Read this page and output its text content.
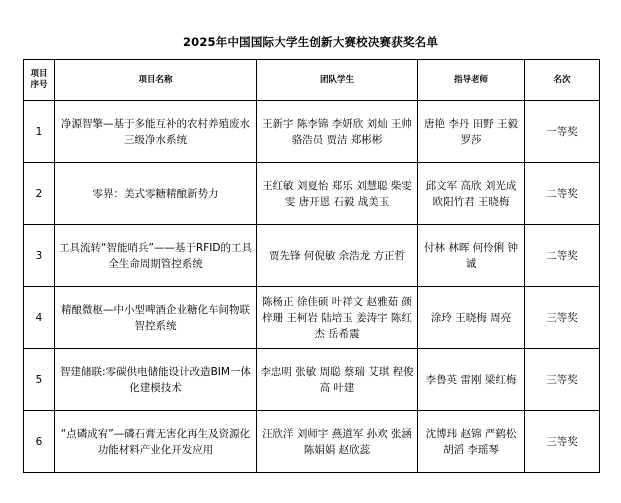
2025年中国国际大学生创新大赛校决赛获奖名单
项目序号	项目名称	团队学生	指导老师	名次
1	净源智擎—基于多能互补的农村养殖废水三级净水系统	王新宇 陈李锦 李妍欣 刘灿 王帅 骆浩员 贾洁 郑彬彬	唐艳 李丹 田野 王毅 罗莎	一等奖
2	零界：美式零糖精酿新势力	王红敏 刘夏怡 郑乐 刘慧聪 柴雯雯 唐开恩 石毅 战美玉	邱文军 高欣 刘光成 欧阳竹君 王晓梅	二等奖
3	工具流转“智能哨兵”——基于RFID的工具全生命周期管控系统	贾先锋 何倪敏 余浩龙 方正哲	付林 林晖 何伶俐 钟诚	二等奖
4	精酿微枢—中小型啤酒企业糖化车间物联智控系统	陈杨正 徐佳硕 叶祥文 赵雅茹 颜梓珊 王柯岩 陆培玉 姜涛宇 陈红杰 岳希震	涂玲 王晓梅 周亮	三等奖
5	智建储联:零碳供电储能设计改造BIM一体化建模技术	李忠明 张敏 周聪 蔡瑞 艾琪 程俊高 叶建	李鲁英 雷刚 梁红梅	三等奖
6	“点磷成宥”—磷石膏无害化再生及资源化功能材料产业化开发应用	汪欣洋 刘师宇 燕道军 孙欢 张涵 陈娟娟 赵欣蕊	沈博玮 赵锦 严鹤松 胡滔 李瑶琴	三等奖
